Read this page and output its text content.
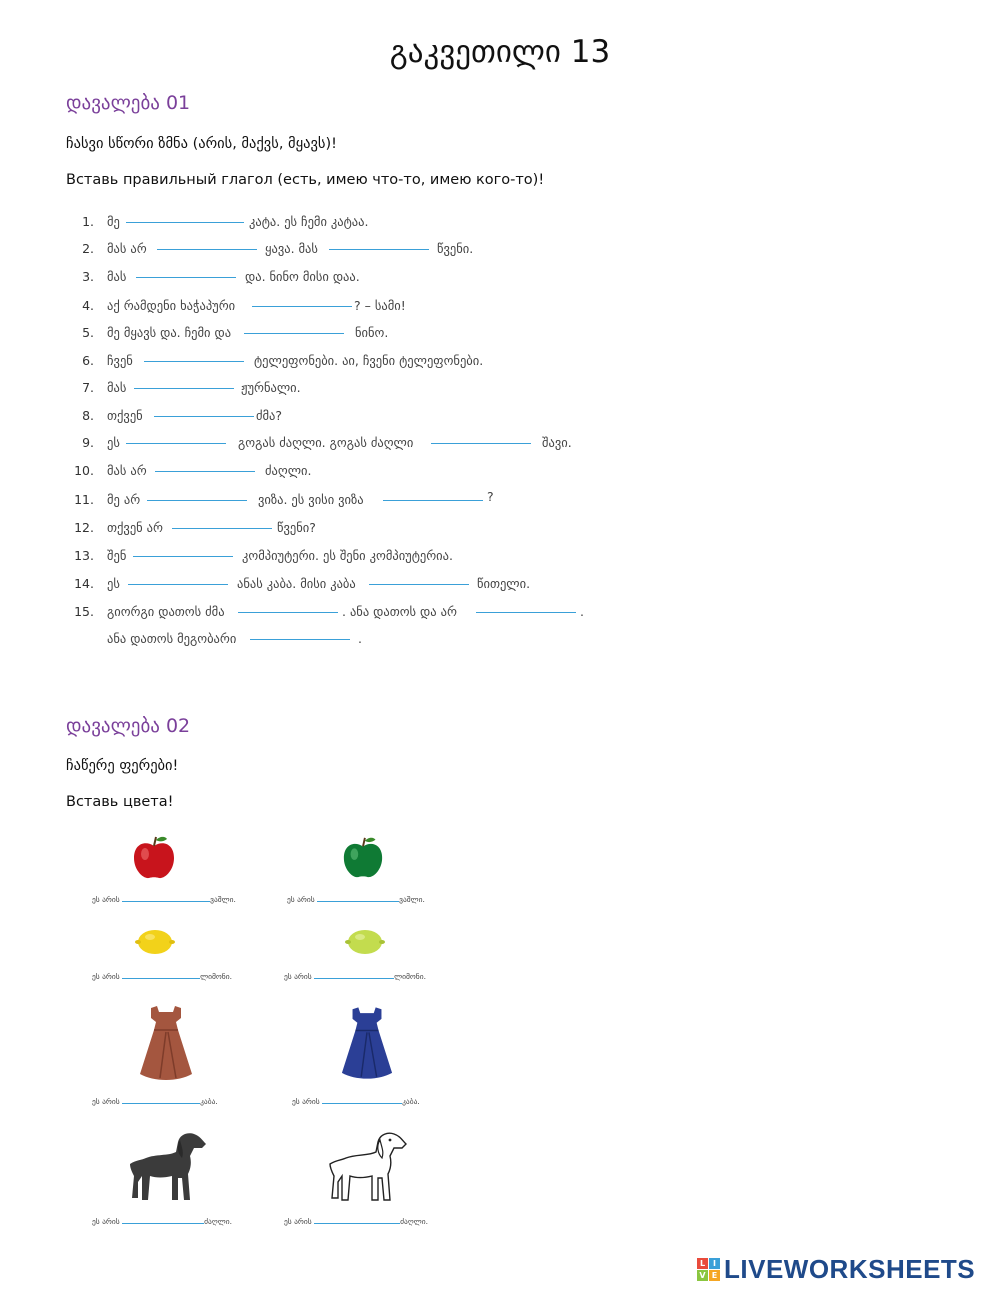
გაკვეთილი 13
დავალება 01
ჩასვი სწორი ზმნა (არის, მაქვს, მყავს)!
Вставь правильный глагол (есть, имею что-то, имею кого-то)!
1. მე	კატა. ეს ჩემი კატაა.
2. მას არ	ყავა. მას	წვენი.
3. მას	და. ნინო მისი დაა.
4. აქ რამდენი ხაჭაპური	? – სამი!
5. მე მყავს და. ჩემი და	ნინო.
6. ჩვენ	ტელეფონები. აი, ჩვენი ტელეფონები.
7. მას	ჟურნალი.
8. თქვენ	ძმა?
9. ეს	გოგას ძაღლი. გოგას ძაღლი	შავი.
10. მას არ	ძაღლი.
11. მე არ	ვიზა. ეს ვისი ვიზა	?
12. თქვენ არ	წვენი?
13. შენ	კომპიუტერი. ეს შენი კომპიუტერია.
14. ეს	ანას კაბა. მისი კაბა	წითელი.
15. გიორგი დათოს ძმა	. ანა დათოს და არ	.
ანა დათოს მეგობარი	.
დავალება 02
ჩაწერე ფერები!
Вставь цвета!
ეს არის	ვაშლი.	ეს არის	ვაშლი.
ეს არის	ლიმონი.	ეს არის	ლიმონი.
ეს არის	კაბა.	ეს არის	კაბა.
ეს არის	ძაღლი.	ეს არის	ძაღლი.
L I
V E LIVEWORKSHEETS
